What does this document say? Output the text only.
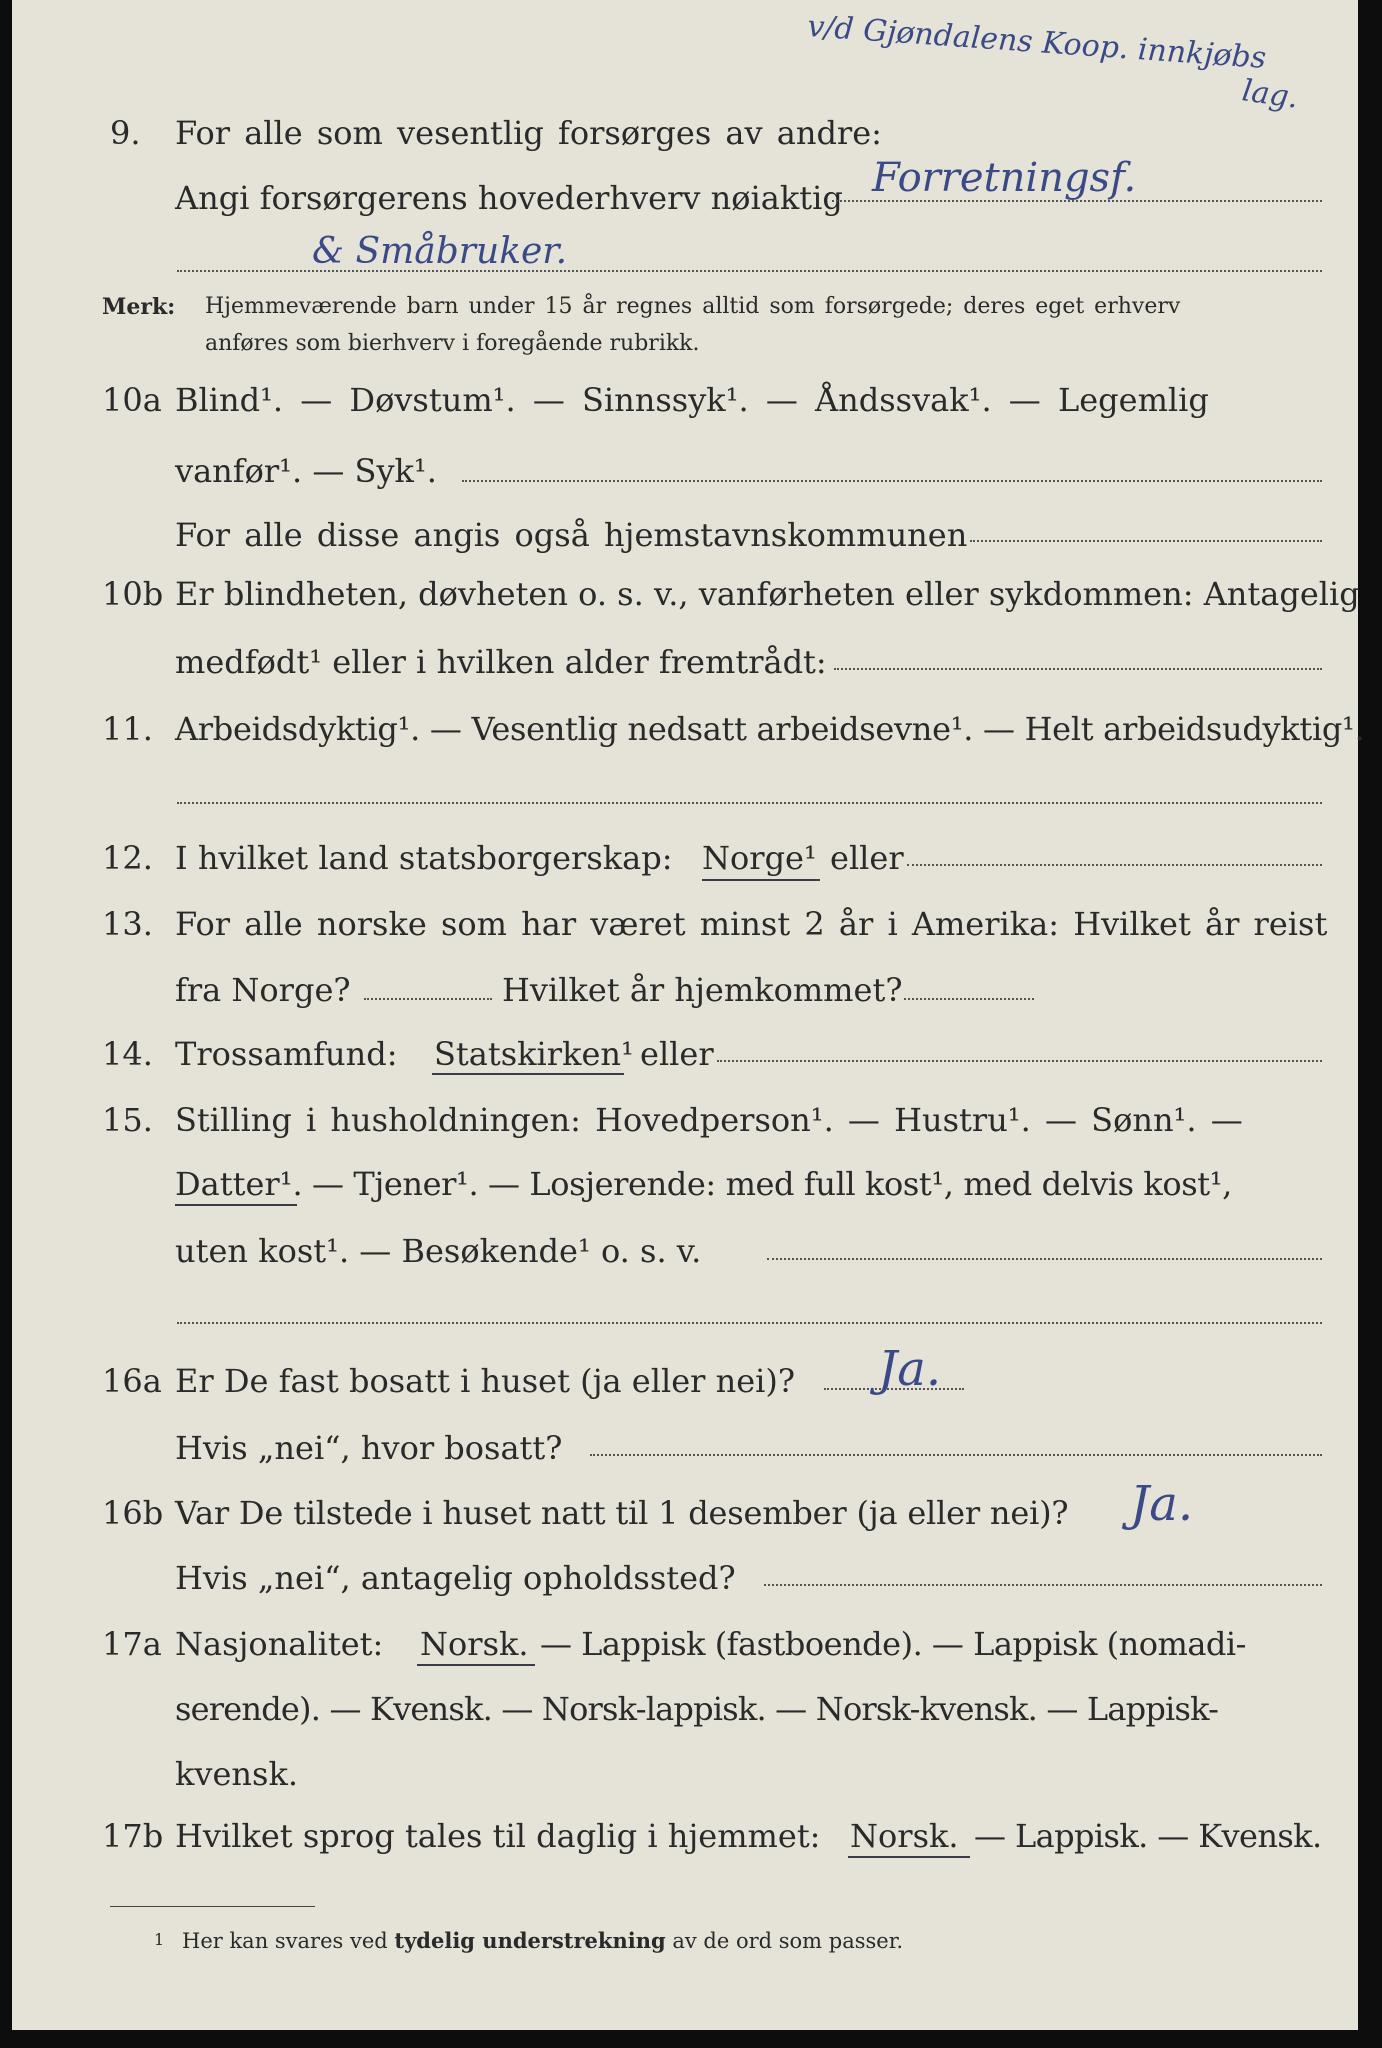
v/d Gjøndalens Koop. innkjøbs
lag.
9. For alle som vesentlig forsørges av andre:
Angi forsørgerens hovederhverv nøiaktig Forretningsf.
& Småbruker.
Merk: Hjemmeværende barn under 15 år regnes alltid som forsørgede; deres eget erhverv
anføres som bierhverv i foregående rubrikk.
10a Blind¹. — Døvstum¹. — Sinnssyk¹. — Åndssvak¹. — Legemlig
vanfør¹. — Syk¹.
For alle disse angis også hjemstavnskommunen
10b Er blindheten, døvheten o. s. v., vanførheten eller sykdommen: Antagelig
medfødt¹ eller i hvilken alder fremtrådt:
11. Arbeidsdyktig¹. — Vesentlig nedsatt arbeidsevne¹. — Helt arbeidsudyktig¹.
12. I hvilket land statsborgerskap: Norge¹ eller
13. For alle norske som har været minst 2 år i Amerika: Hvilket år reist
fra Norge?	Hvilket år hjemkommet?
14. Trossamfund: Statskirken¹ eller
15. Stilling i husholdningen: Hovedperson¹. — Hustru¹. — Sønn¹. —
Datter¹. — Tjener¹. — Losjerende: med full kost¹, med delvis kost¹,
uten kost¹. — Besøkende¹ o. s. v.
16a Er De fast bosatt i huset (ja eller nei)? Ja.
Hvis „nei“, hvor bosatt?
16b Var De tilstede i huset natt til 1 desember (ja eller nei)? Ja.
Hvis „nei“, antagelig opholdssted?
17a Nasjonalitet: Norsk. — Lappisk (fastboende). — Lappisk (nomadi-
serende). — Kvensk. — Norsk-lappisk. — Norsk-kvensk. — Lappisk-
kvensk.
17b Hvilket sprog tales til daglig i hjemmet: Norsk. — Lappisk. — Kvensk.
1 Her kan svares ved tydelig understrekning av de ord som passer.
